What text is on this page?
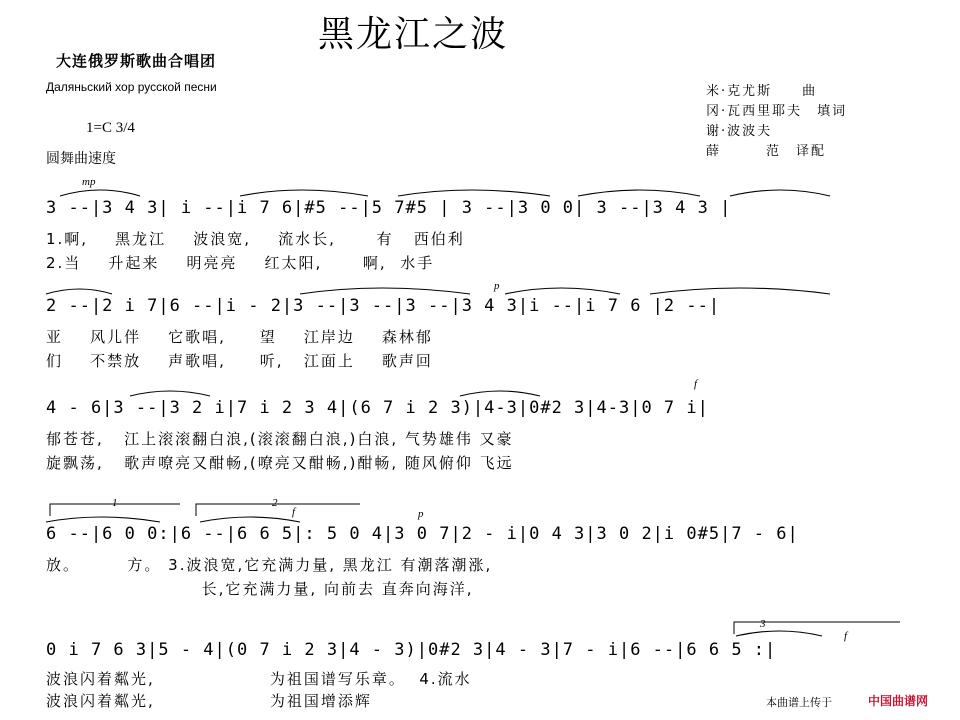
黑龙江之波
大连俄罗斯歌曲合唱团
Даляньский хор русской песни
1=C 3/4
圆舞曲速度
米·克尤斯　　曲
冈·瓦西里耶夫　填词
谢·波波夫
薛　　　范　译配
mp
p
f
f	p
f
1	2
3
3 --|3 4 3| i --|i 7 6|#5 --|5 7#5 | 3 --|3 0 0| 3 --|3 4 3 |
1.啊,    黑龙江    波浪宽,    流水长,      有   西伯利
2.当    升起来    明亮亮    红太阳,      啊,  水手
2 --|2 i 7|6 --|i - 2|3 --|3 --|3 --|3 4 3|i --|i 7 6 |2 --|
亚    风儿伴    它歌唱,     望    江岸边    森林郁
们    不禁放    声歌唱,     听,   江面上    歌声回
4 - 6|3 --|3 2 i|7 i 2 3 4|(6 7 i 2 3)|4-3|0#2 3|4-3|0 7 i|
郁苍苍,   江上滚滚翻白浪,(滚滚翻白浪,)白浪, 气势雄伟 又豪
旋飘荡,   歌声嘹亮又酣畅,(嘹亮又酣畅,)酣畅, 随风俯仰 飞远
6 --|6 0 0:|6 --|6 6 5|: 5 0 4|3 0 7|2 - i|0 4 3|3 0 2|i 0#5|7 - 6|
放。       方。 3.波浪宽,它充满力量, 黑龙江 有潮落潮涨,
长,它充满力量, 向前去 直奔向海洋,
0 i 7 6 3|5 - 4|(0 7 i 2 3|4 - 3)|0#2 3|4 - 3|7 - i|6 --|6 6 5 :|
波浪闪着粼光,                 为祖国谱写乐章。  4.流水
波浪闪着粼光,                 为祖国增添辉	本曲谱上传于	中国曲谱网
